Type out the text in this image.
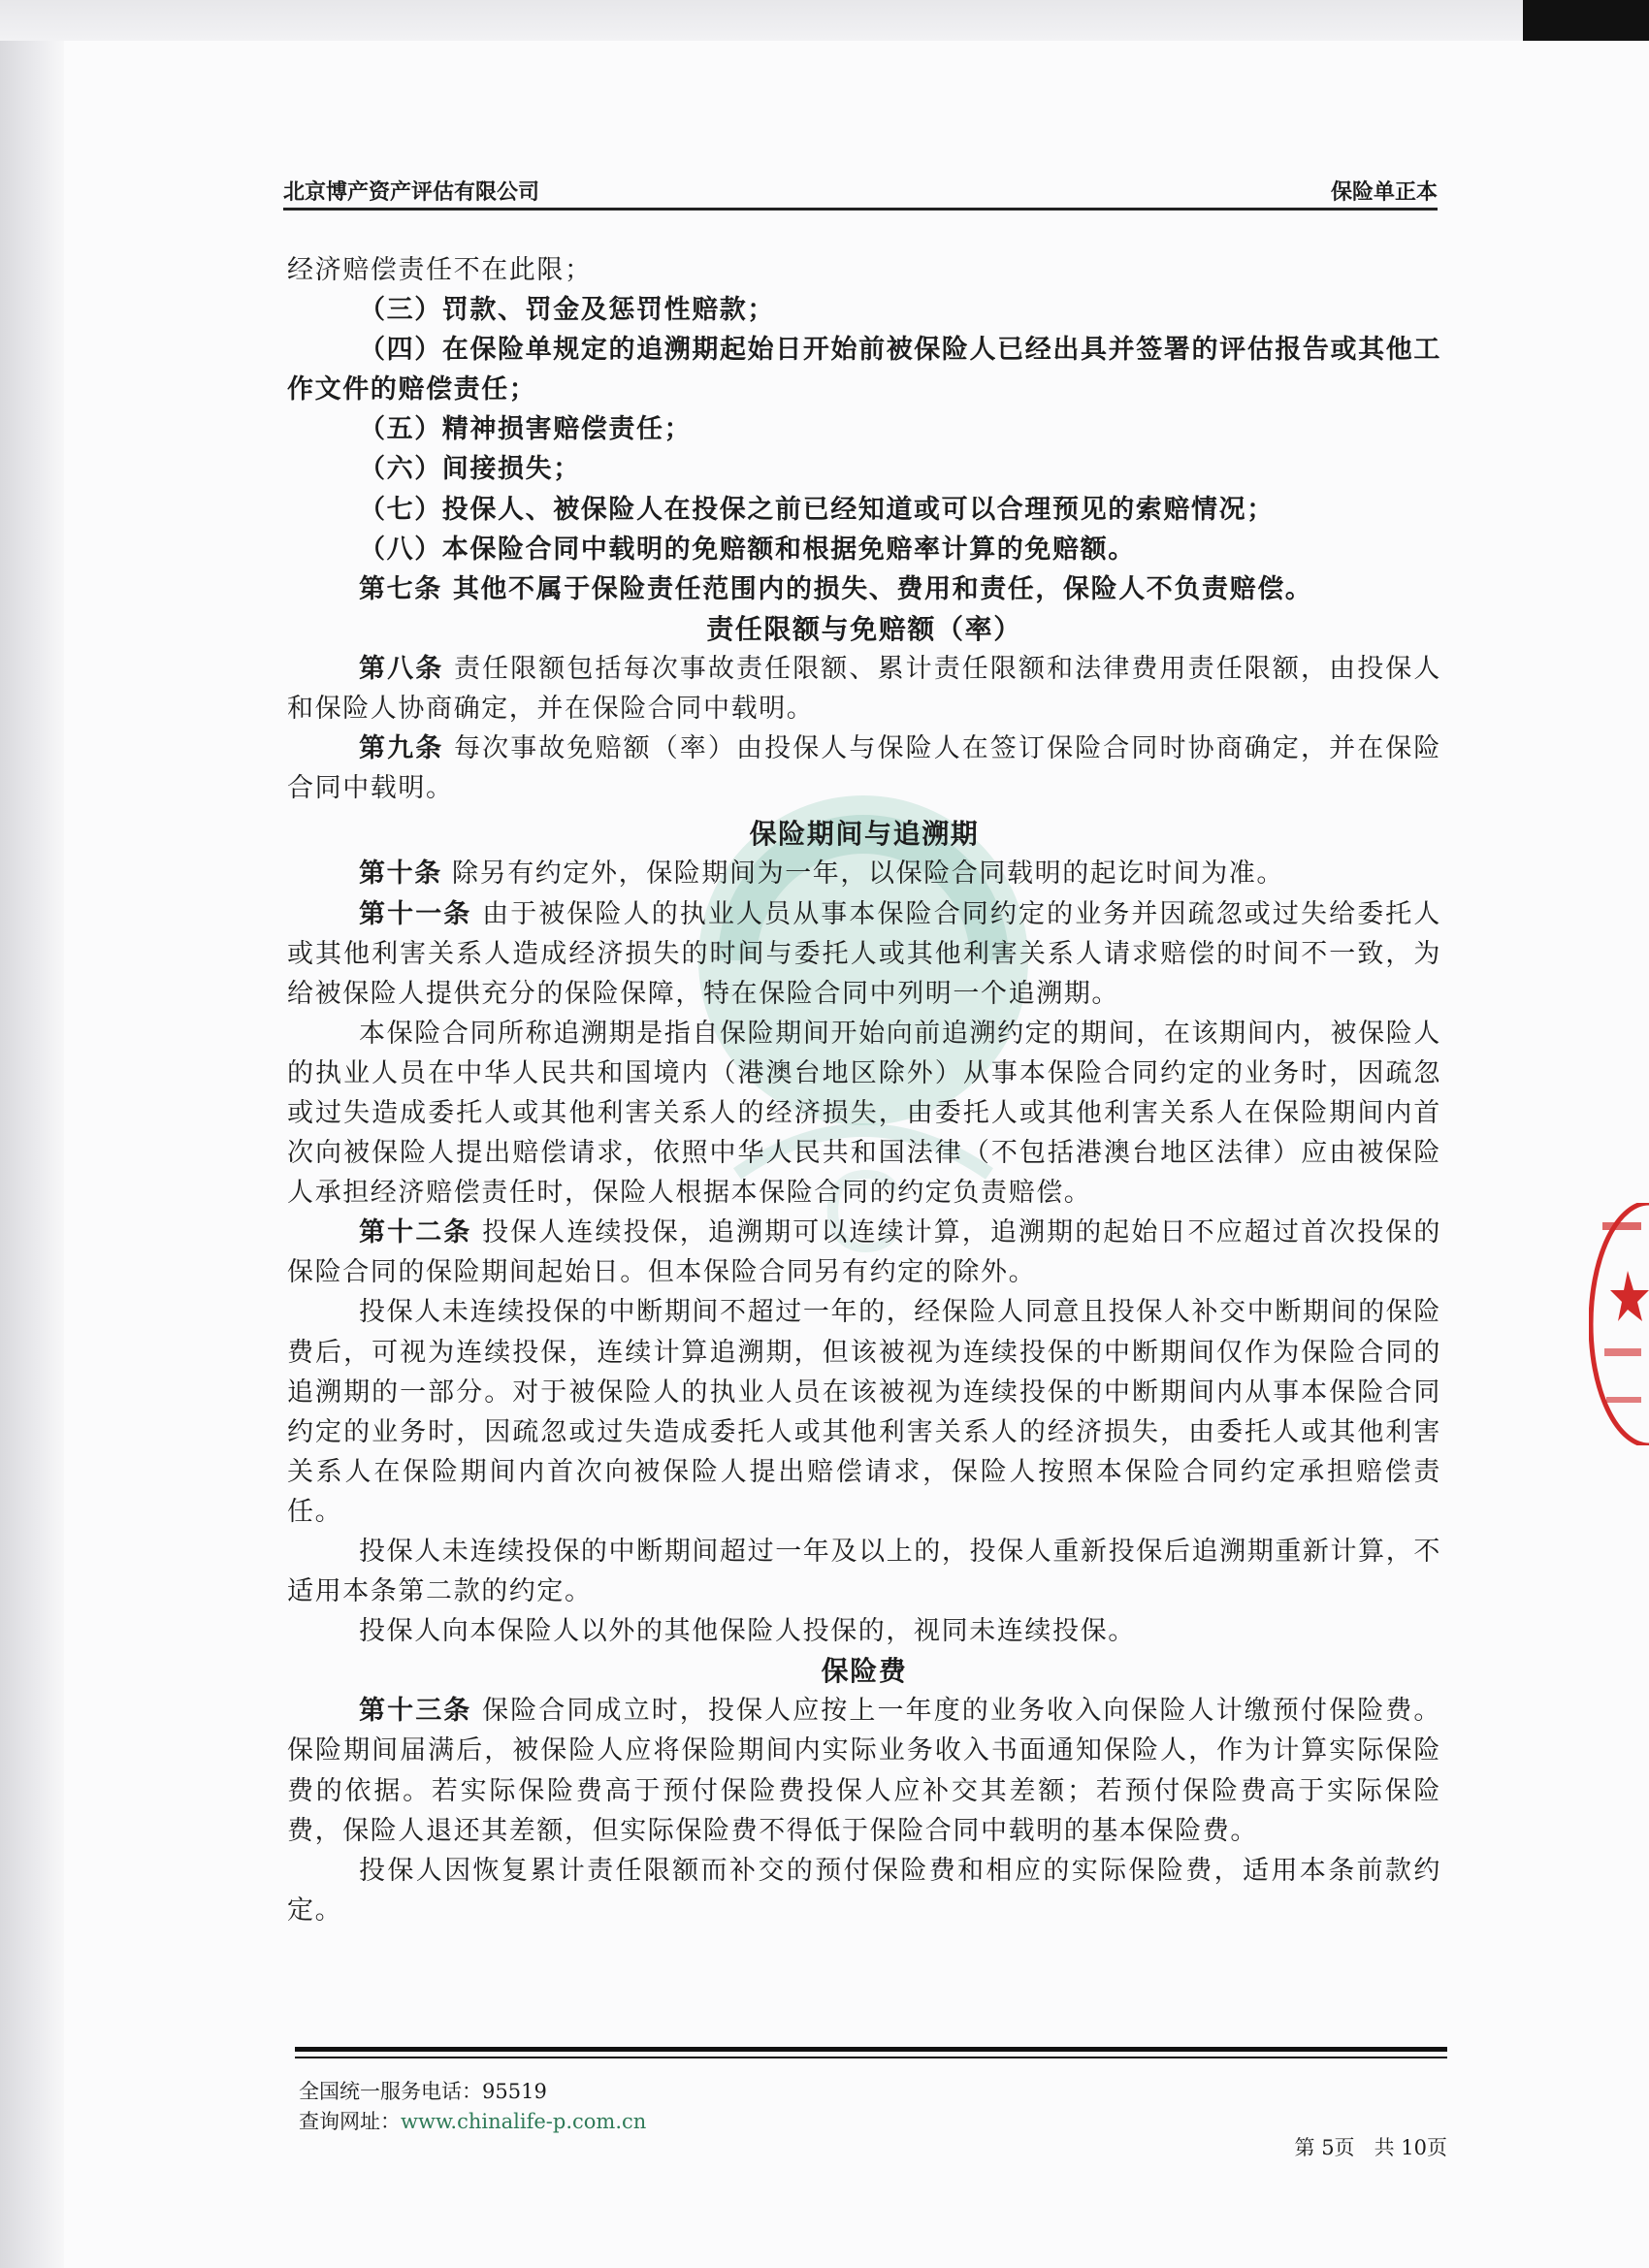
北京博产资产评估有限公司	保险单正本

经济赔偿责任不在此限；

（三）罚款、罚金及惩罚性赔款；

（四）在保险单规定的追溯期起始日开始前被保险人已经出具并签署的评估报告或其他工作文件的赔偿责任；

（五）精神损害赔偿责任；

（六）间接损失；

（七）投保人、被保险人在投保之前已经知道或可以合理预见的索赔情况；

（八）本保险合同中载明的免赔额和根据免赔率计算的免赔额。

第七条 其他不属于保险责任范围内的损失、费用和责任，保险人不负责赔偿。

责任限额与免赔额（率）

第八条 责任限额包括每次事故责任限额、累计责任限额和法律费用责任限额，由投保人和保险人协商确定，并在保险合同中载明。

第九条 每次事故免赔额（率）由投保人与保险人在签订保险合同时协商确定，并在保险合同中载明。

保险期间与追溯期

第十条 除另有约定外，保险期间为一年，以保险合同载明的起讫时间为准。

第十一条 由于被保险人的执业人员从事本保险合同约定的业务并因疏忽或过失给委托人或其他利害关系人造成经济损失的时间与委托人或其他利害关系人请求赔偿的时间不一致，为给被保险人提供充分的保险保障，特在保险合同中列明一个追溯期。

本保险合同所称追溯期是指自保险期间开始向前追溯约定的期间，在该期间内，被保险人的执业人员在中华人民共和国境内（港澳台地区除外）从事本保险合同约定的业务时，因疏忽或过失造成委托人或其他利害关系人的经济损失，由委托人或其他利害关系人在保险期间内首次向被保险人提出赔偿请求，依照中华人民共和国法律（不包括港澳台地区法律）应由被保险人承担经济赔偿责任时，保险人根据本保险合同的约定负责赔偿。

第十二条 投保人连续投保，追溯期可以连续计算，追溯期的起始日不应超过首次投保的保险合同的保险期间起始日。但本保险合同另有约定的除外。

投保人未连续投保的中断期间不超过一年的，经保险人同意且投保人补交中断期间的保险费后，可视为连续投保，连续计算追溯期，但该被视为连续投保的中断期间仅作为保险合同的追溯期的一部分。对于被保险人的执业人员在该被视为连续投保的中断期间内从事本保险合同约定的业务时，因疏忽或过失造成委托人或其他利害关系人的经济损失，由委托人或其他利害关系人在保险期间内首次向被保险人提出赔偿请求，保险人按照本保险合同约定承担赔偿责任。

投保人未连续投保的中断期间超过一年及以上的，投保人重新投保后追溯期重新计算，不适用本条第二款的约定。

投保人向本保险人以外的其他保险人投保的，视同未连续投保。

保险费

第十三条 保险合同成立时，投保人应按上一年度的业务收入向保险人计缴预付保险费。保险期间届满后，被保险人应将保险期间内实际业务收入书面通知保险人，作为计算实际保险费的依据。若实际保险费高于预付保险费投保人应补交其差额；若预付保险费高于实际保险费，保险人退还其差额，但实际保险费不得低于保险合同中载明的基本保险费。

投保人因恢复累计责任限额而补交的预付保险费和相应的实际保险费，适用本条前款约定。

全国统一服务电话：95519
查询网址：www.chinalife-p.com.cn
第 5页 共 10页
